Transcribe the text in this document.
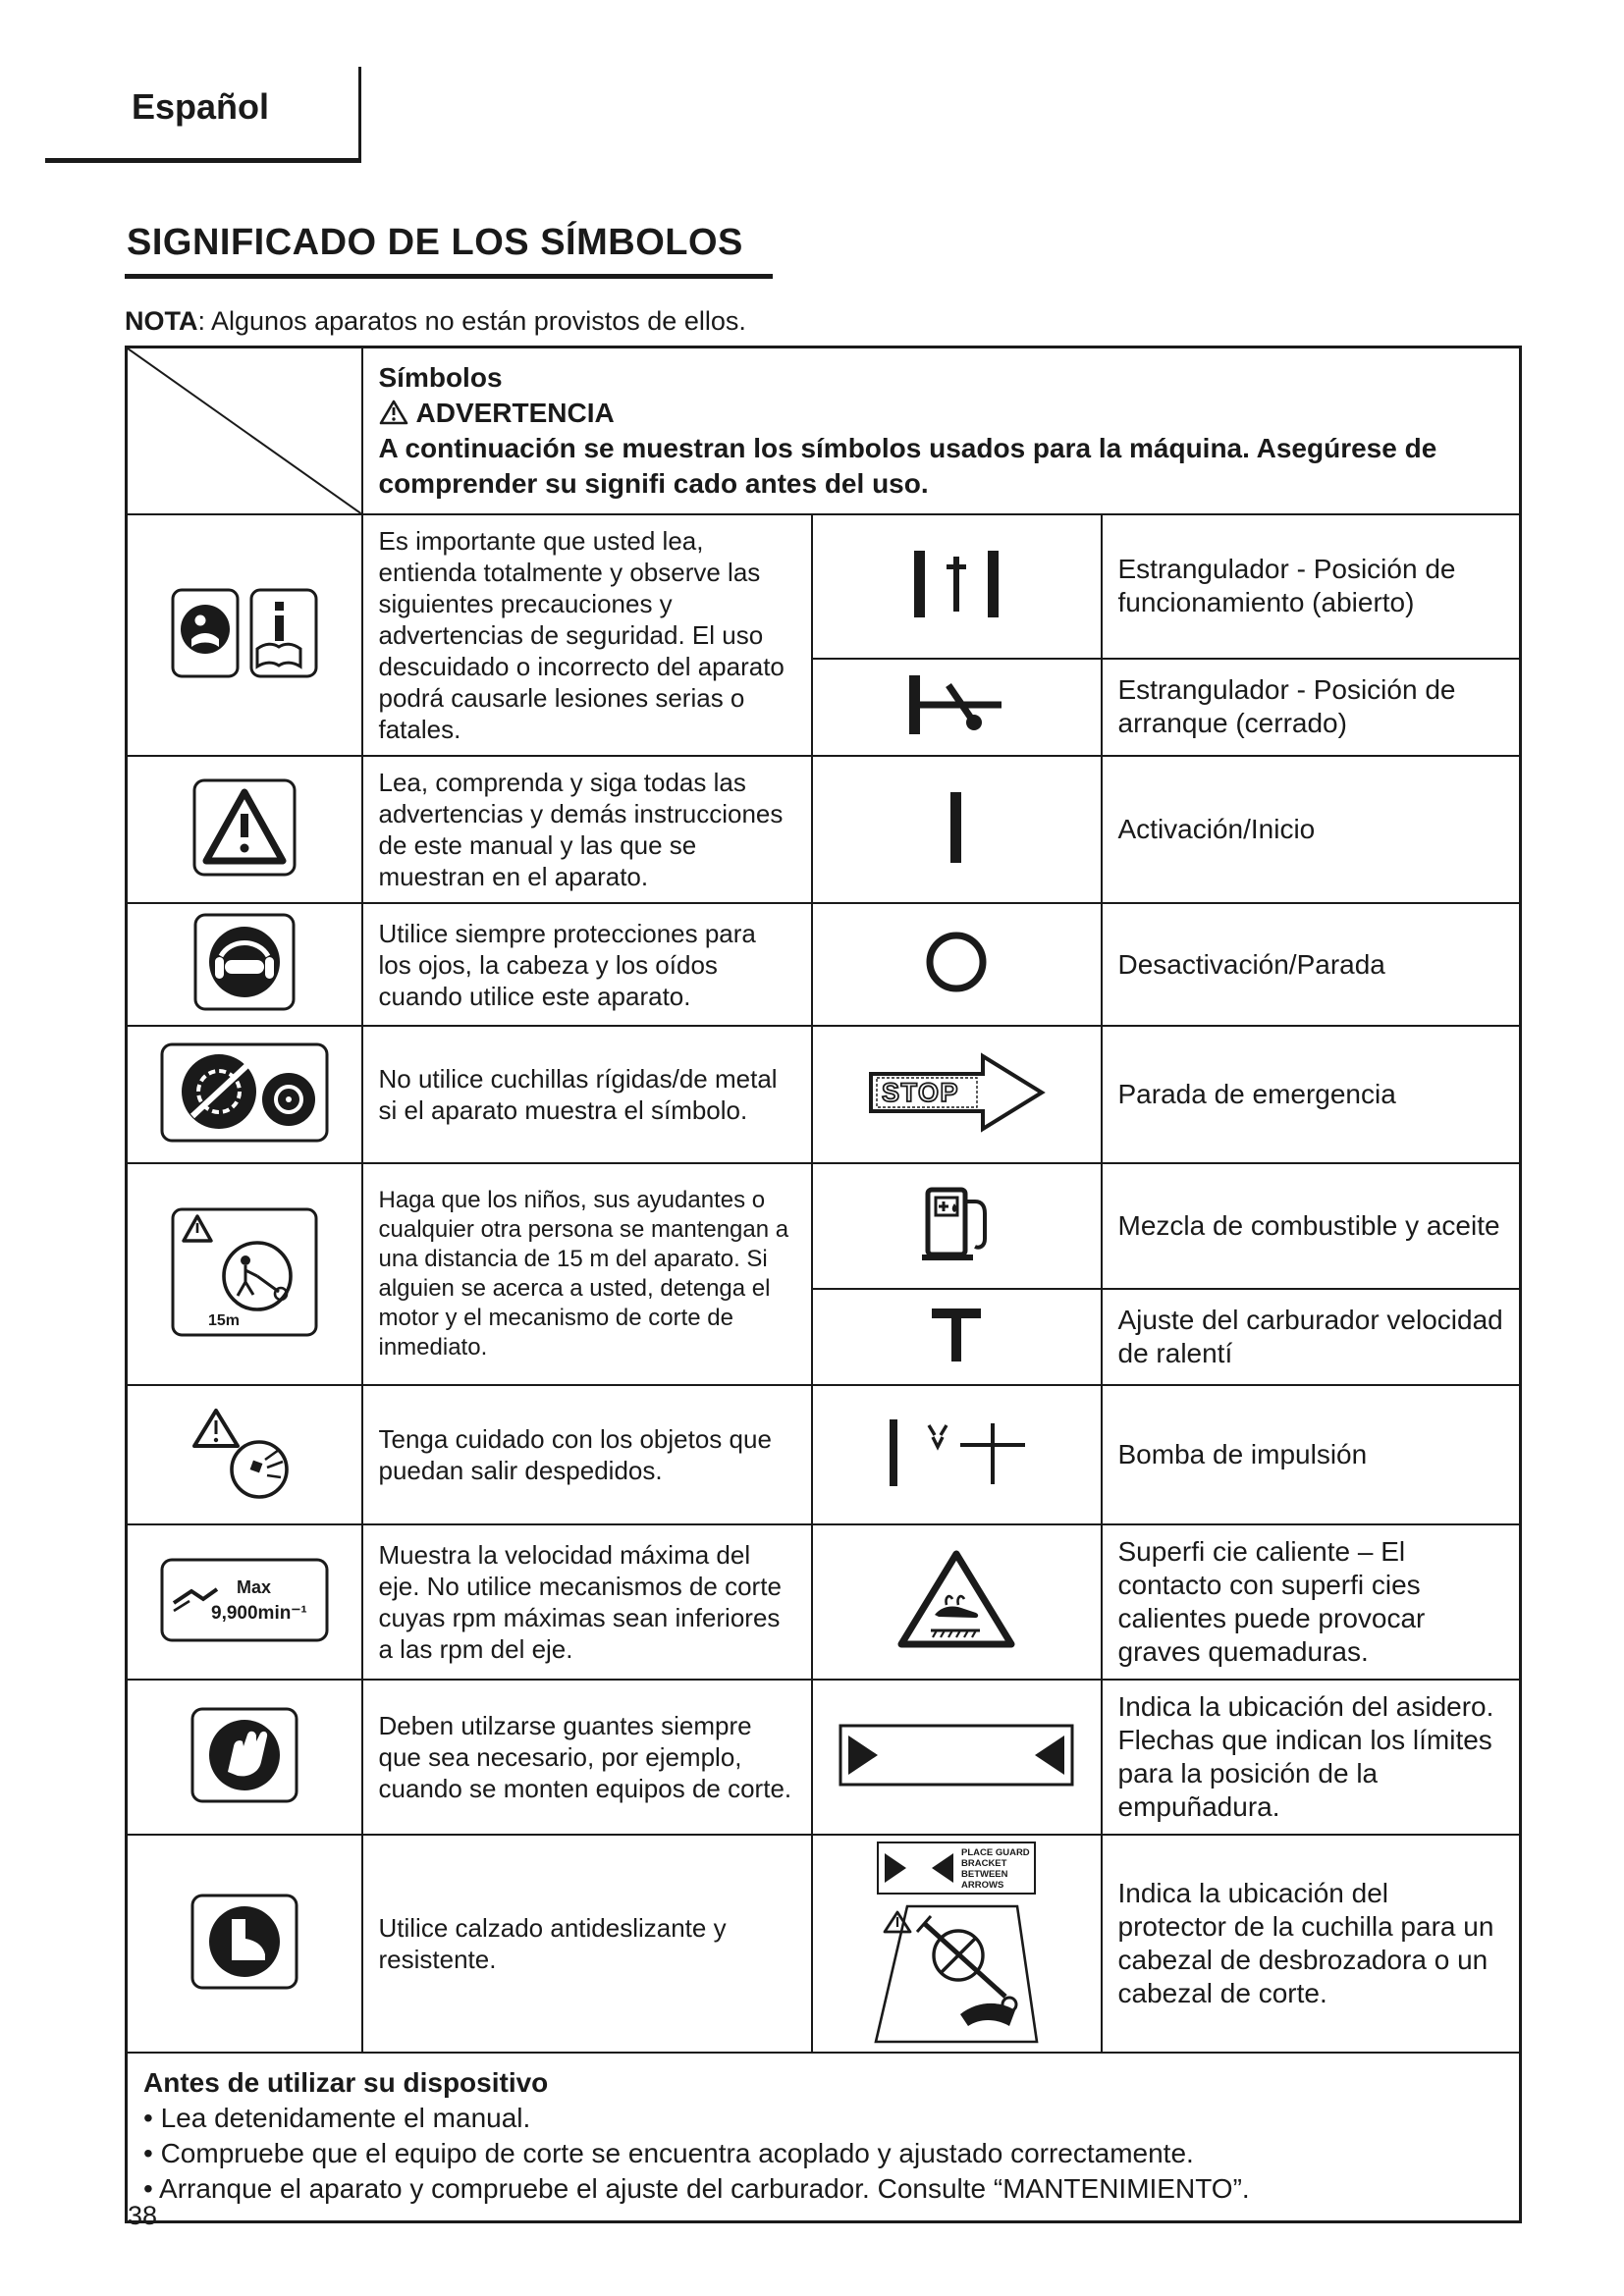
Español
SIGNIFICADO DE LOS SÍMBOLOS
NOTA: Algunos aparatos no están provistos de ellos.

Símbolos
ADVERTENCIA
A continuación se muestran los símbolos usados para la máquina. Asegúrese de comprender su signifi cado antes del uso.		

	Es importante que usted lea, entienda totalmente y observe las siguientes precauciones y advertencias de seguridad. El uso descuidado o incorrecto del aparato podrá causarle lesiones serias o fatales.		Estrangulador - Posición de funcionamiento (abierto)
	Estrangulador - Posición de arranque (cerrado)
	Lea, comprenda y siga todas las advertencias y demás instrucciones de este manual y las que se muestran en el aparato.		Activación/Inicio
	Utilice siempre protecciones para los ojos, la cabeza y los oídos cuando utilice este aparato.		Desactivación/Parada
	No utilice cuchillas rígidas/de metal si el aparato muestra el símbolo.	STOP	Parada de emergencia

15m	Haga que los niños, sus ayudantes o cualquier otra persona se mantengan a una distancia de 15 m del aparato. Si alguien se acerca a usted, detenga el motor y el mecanismo de corte de inmediato.		Mezcla de combustible y aceite
	Ajuste del carburador velocidad de ralentí
	Tenga cuidado con los objetos que puedan salir despedidos.		Bomba de impulsión

Max
9,900min⁻¹	Muestra la velocidad máxima del eje. No utilice mecanismos de corte cuyas rpm máximas sean inferiores a las rpm del eje.		Superfi cie caliente – El contacto con superfi cies calientes puede provocar graves quemaduras.
	Deben utilzarse guantes siempre que sea necesario, por ejemplo, cuando se monten equipos de corte.		Indica la ubicación del asidero. Flechas que indican los límites para la posición de la empuñadura.
	Utilice calzado antideslizante y resistente.	PLACE GUARD
BRACKET
BETWEEN
ARROWS	Indica la ubicación del protector de la cuchilla para un cabezal de desbrozadora o un cabezal de corte.

Antes de utilizar su dispositivo
• Lea detenidamente el manual.
• Compruebe que el equipo de corte se encuentra acoplado y ajustado correctamente.
• Arranque el aparato y compruebe el ajuste del carburador. Consulte “MANTENIMIENTO”.			
38
